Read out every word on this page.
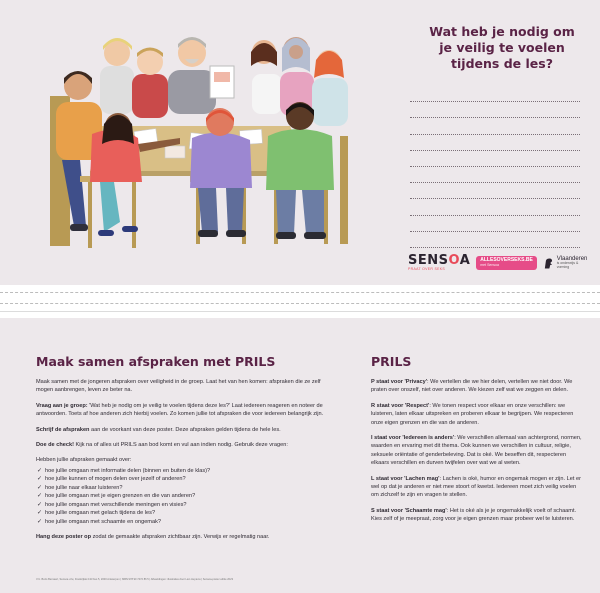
Wat heb je nodig om
je veilig te voelen
tijdens de les?
SENSOA
PRAAT OVER SEKS
ALLESOVERSEKS.BE
met Sensoa
Vlaanderen
is onderwijs & vorming
Maak samen afspraken met PRILS

Maak samen met de jongeren afspraken over veiligheid in de groep. Laat het van hen komen: afspraken die ze zelf mogen aanbrengen, leven ze beter na.

Vraag aan je groep: 'Wat heb je nodig om je veilig te voelen tijdens deze les?' Laat iedereen reageren en noteer de antwoorden. Toets af hoe anderen zich hierbij voelen. Zo komen jullie tot afspraken die voor iedereen belangrijk zijn.

Schrijf de afspraken aan de voorkant van deze poster. Deze afspraken gelden tijdens de hele les.

Doe de check! Kijk na of alles uit PRILS aan bod komt en vul aan indien nodig. Gebruik deze vragen:

Hebben jullie afspraken gemaakt over:

✓ hoe jullie omgaan met informatie delen (binnen en buiten de klas)?
✓ hoe jullie kunnen of mogen delen over jezelf of anderen?
✓ hoe jullie naar elkaar luisteren?
✓ hoe jullie omgaan met je eigen grenzen en die van anderen?
✓ hoe jullie omgaan met verschillende meningen en visies?
✓ hoe jullie omgaan met gelach tijdens de les?
✓ hoe jullie omgaan met schaamte en ongemak?

Hang deze poster op zodat de gemaakte afspraken zichtbaar zijn. Verwijs er regelmatig naar.

PRILS

P staat voor 'Privacy': We vertellen die we hier delen, vertellen we niet door. We praten over onszelf, niet over anderen. We kiezen zelf wat we zeggen en delen.

R staat voor 'Respect': We tonen respect voor elkaar en onze verschillen: we luisteren, laten elkaar uitspreken en proberen elkaar te begrijpen. We respecteren onze eigen grenzen en die van de anderen.

I staat voor 'Iedereen is anders': We verschillen allemaal van achtergrond, normen, waarden en ervaring met dit thema. Ook kunnen we verschillen in cultuur, religie, seksuele oriëntatie of genderbeleving. Dat is oké. We beseffen dit, respecteren elkaars verschillen en durven twijfelen over wat we al weten.

L staat voor 'Lachen mag': Lachen is oké, humor en ongemak mogen er zijn. Let er wel op dat je anderen er niet mee stoort of kwetst. Iedereen moet zich veilig voelen om zichzelf te zijn en vragen te stellen.

S staat voor 'Schaamte mag': Het is oké als je je ongemakkelijk voelt of schaamt. Kies zelf of je meepraat, zorg voor je eigen grenzen maar probeer wel te luisteren.

V.U. Boris Bernaert, Sensoa vzw, Frankrijklei 133 bus 5, 2000 Antwerpen | ISBN 978 90 7472 86 5 | Afbeeldingen: illustraties door Lien Heytens | Sensoa-poster editie 2023
